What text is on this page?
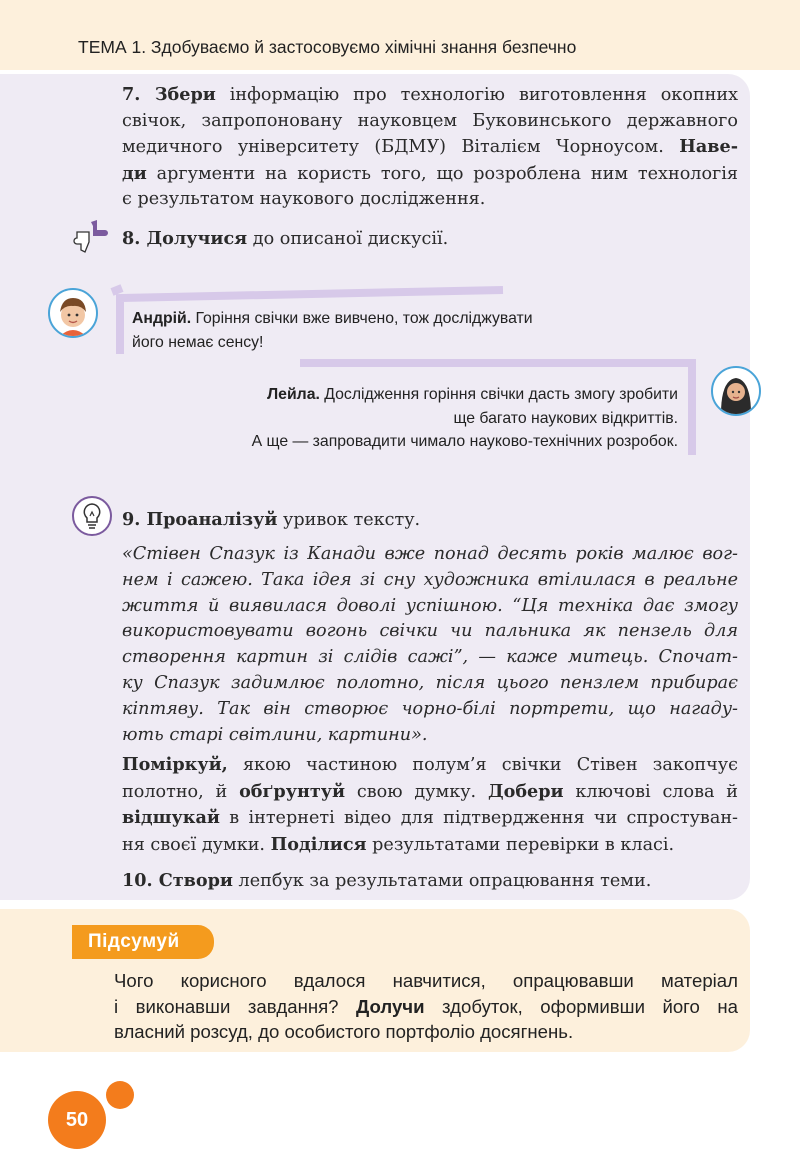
ТЕМА 1. Здобуваємо й застосовуємо хімічні знання безпечно
7. Збери інформацію про технологію виготовлення окопних
свічок, запропоновану науковцем Буковинського державного
медичного університету (БДМУ) Віталієм Чорноусом. Наве-
ди аргументи на користь того, що розроблена ним технологія
є результатом наукового дослідження.
8. Долучися до описаної дискусії.
Андрій. Горіння свічки вже вивчено, тож досліджувати
його немає сенсу!
Лейла. Дослідження горіння свічки дасть змогу зробити
ще багато наукових відкриттів.
А ще — запровадити чимало науково-технічних розробок.
9. Проаналізуй уривок тексту.
«Стівен Спазук із Канади вже понад десять років малює вог-
нем і сажею. Така ідея зі сну художника втілилася в реальне
життя й виявилася доволі успішною. “Ця техніка дає змогу
використовувати вогонь свічки чи пальника як пензель для
створення картин зі слідів сажі”, — каже митець. Спочат-
ку Спазук задимлює полотно, після цього пензлем прибирає
кіптяву. Так він створює чорно-білі портрети, що нагаду-
ють старі світлини, картини».
Поміркуй, якою частиною полум’я свічки Стівен закопчує
полотно, й обґрунтуй свою думку. Добери ключові слова й
відшукай в інтернеті відео для підтвердження чи спростуван-
ня своєї думки. Поділися результатами перевірки в класі.
10. Створи лепбук за результатами опрацювання теми.
Підсумуй
Чого корисного вдалося навчитися, опрацювавши матеріал
і виконавши завдання? Долучи здобуток, оформивши його на
власний розсуд, до особистого портфоліо досягнень.
50
